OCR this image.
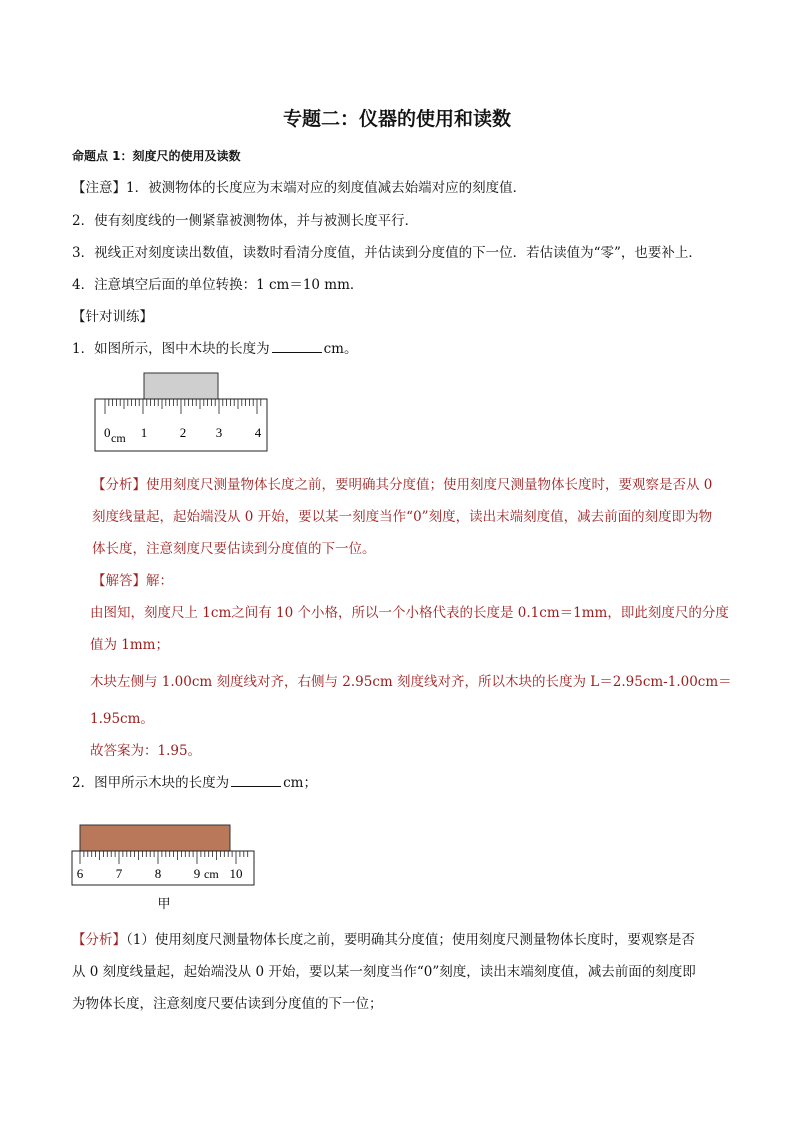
专题二：仪器的使用和读数
命题点 1：刻度尺的使用及读数
【注意】1．被测物体的长度应为末端对应的刻度值减去始端对应的刻度值．
2．使有刻度线的一侧紧靠被测物体，并与被测长度平行．
3．视线正对刻度读出数值，读数时看清分度值，并估读到分度值的下一位．若估读值为“零”，也要补上．
4．注意填空后面的单位转换：1 cm＝10 mm．
【针对训练】
1．如图所示，图中木块的长度为	cm。
0 cm 1	2 3	4
【分析】使用刻度尺测量物体长度之前，要明确其分度值；使用刻度尺测量物体长度时，要观察是否从 0
刻度线量起，起始端没从 0 开始，要以某一刻度当作“0”刻度，读出末端刻度值，减去前面的刻度即为物
体长度，注意刻度尺要估读到分度值的下一位。
【解答】解：
由图知，刻度尺上 1cm之间有 10 个小格，所以一个小格代表的长度是 0.1cm＝1mm，即此刻度尺的分度
值为 1mm；
木块左侧与 1.00cm 刻度线对齐，右侧与 2.95cm 刻度线对齐，所以木块的长度为 L＝2.95cm-1.00cm＝
1.95cm。
故答案为：1.95。
2．图甲所示木块的长度为	cm；
6	7	8	9 cm 10
甲
【分析】（1）使用刻度尺测量物体长度之前，要明确其分度值；使用刻度尺测量物体长度时，要观察是否
从 0 刻度线量起，起始端没从 0 开始，要以某一刻度当作“0”刻度，读出末端刻度值，减去前面的刻度即
为物体长度，注意刻度尺要估读到分度值的下一位；
